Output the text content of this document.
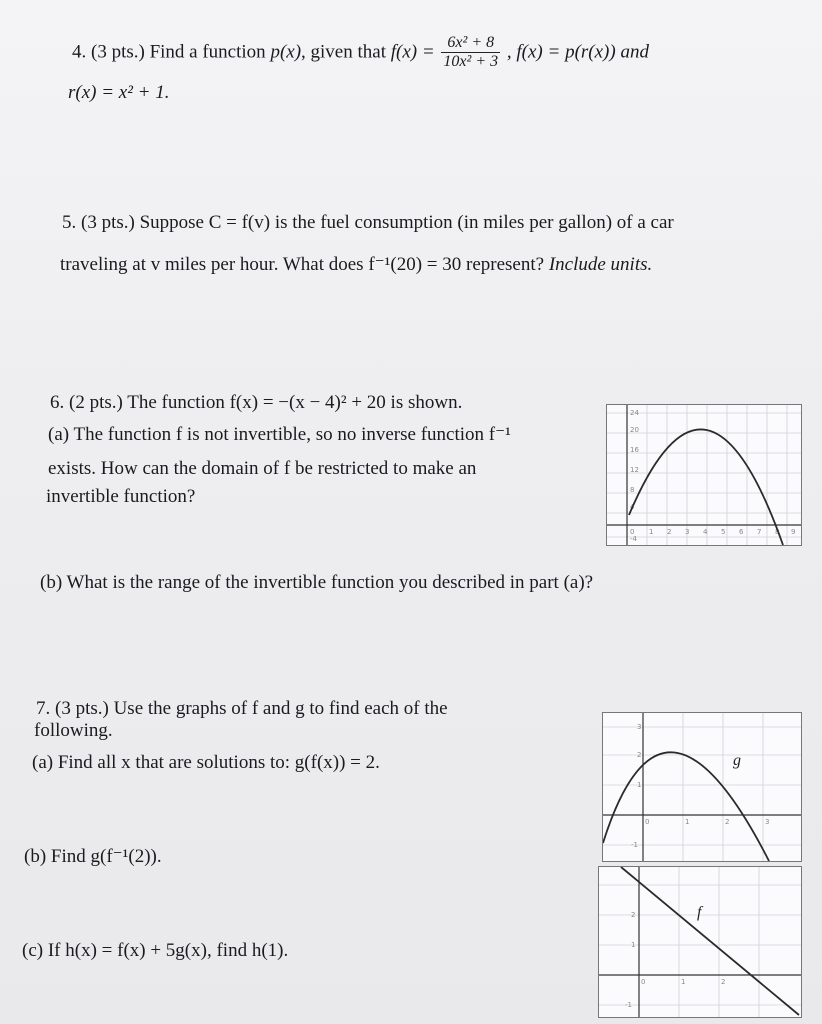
4. (3 pts.) Find a function p(x), given that $f(x) = \frac{\text{6x² + 8}}{\text{10x² + 3}}$ , f(x) = p(r(x)) and
r(x) = x² + 1.
5. (3 pts.) Suppose C = f(v) is the fuel consumption (in miles per gallon) of a car
traveling at v miles per hour. What does f⁻¹(20) = 30 represent? Include units.
6. (2 pts.) The function f(x) = −(x − 4)² + 20 is shown.
(a) The function f is not invertible, so no inverse function f⁻¹
exists. How can the domain of f be restricted to make an
invertible function?
(b) What is the range of the invertible function you described in part (a)?
24
20
16
12
8
4
-4
0 1 2 3 4 5 6 7 8 9
7. (3 pts.) Use the graphs of f and g to find each of the
following.
(a) Find all x that are solutions to: g(f(x)) = 2.
(b) Find g(f⁻¹(2)).
(c) If h(x) = f(x) + 5g(x), find h(1).
3
2
1
-1
0	1	2	3
g
2
1
-1
0	1	2
f
